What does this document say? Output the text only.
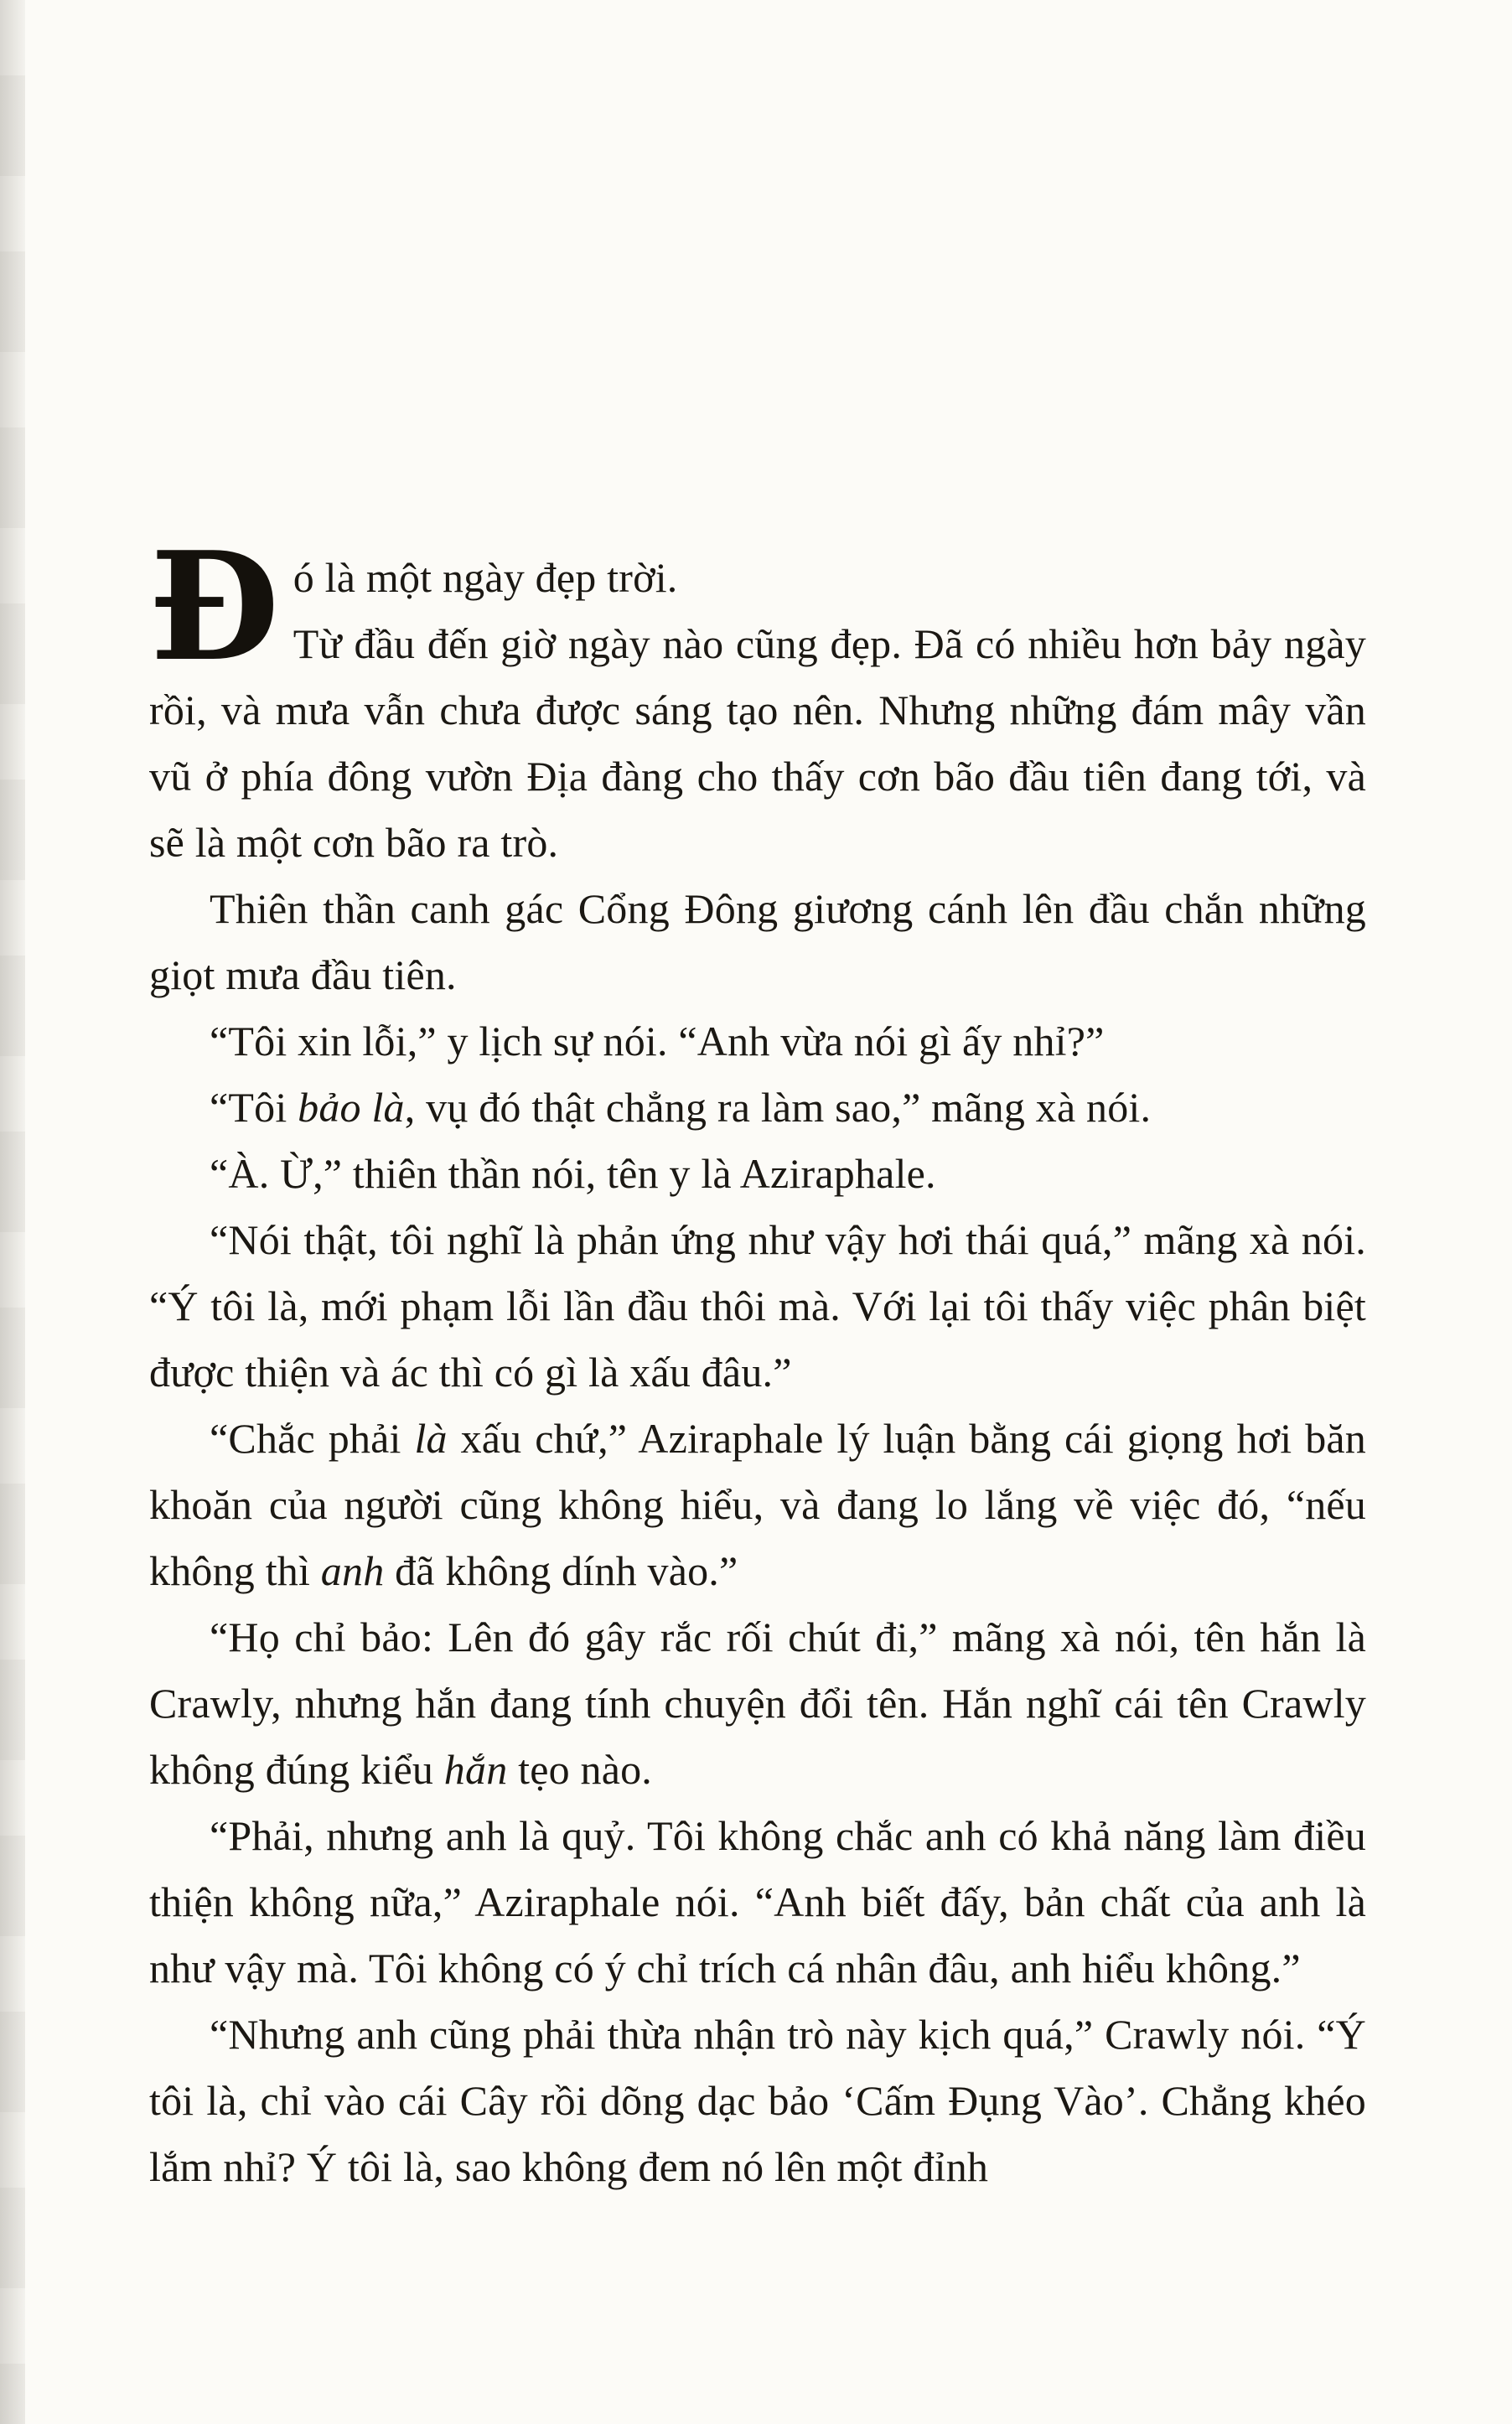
Đó là một ngày đẹp trời.

Từ đầu đến giờ ngày nào cũng đẹp. Đã có nhiều hơn bảy ngày rồi, và mưa vẫn chưa được sáng tạo nên. Nhưng những đám mây vần vũ ở phía đông vườn Địa đàng cho thấy cơn bão đầu tiên đang tới, và sẽ là một cơn bão ra trò.

Thiên thần canh gác Cổng Đông giương cánh lên đầu chắn những giọt mưa đầu tiên.

“Tôi xin lỗi,” y lịch sự nói. “Anh vừa nói gì ấy nhỉ?”

“Tôi bảo là, vụ đó thật chẳng ra làm sao,” mãng xà nói.

“À. Ừ,” thiên thần nói, tên y là Aziraphale.

“Nói thật, tôi nghĩ là phản ứng như vậy hơi thái quá,” mãng xà nói. “Ý tôi là, mới phạm lỗi lần đầu thôi mà. Với lại tôi thấy việc phân biệt được thiện và ác thì có gì là xấu đâu.”

“Chắc phải là xấu chứ,” Aziraphale lý luận bằng cái giọng hơi băn khoăn của người cũng không hiểu, và đang lo lắng về việc đó, “nếu không thì anh đã không dính vào.”

“Họ chỉ bảo: Lên đó gây rắc rối chút đi,” mãng xà nói, tên hắn là Crawly, nhưng hắn đang tính chuyện đổi tên. Hắn nghĩ cái tên Crawly không đúng kiểu hắn tẹo nào.

“Phải, nhưng anh là quỷ. Tôi không chắc anh có khả năng làm điều thiện không nữa,” Aziraphale nói. “Anh biết đấy, bản chất của anh là như vậy mà. Tôi không có ý chỉ trích cá nhân đâu, anh hiểu không.”

“Nhưng anh cũng phải thừa nhận trò này kịch quá,” Crawly nói. “Ý tôi là, chỉ vào cái Cây rồi dõng dạc bảo ‘Cấm Đụng Vào’. Chẳng khéo lắm nhỉ? Ý tôi là, sao không đem nó lên một đỉnh
